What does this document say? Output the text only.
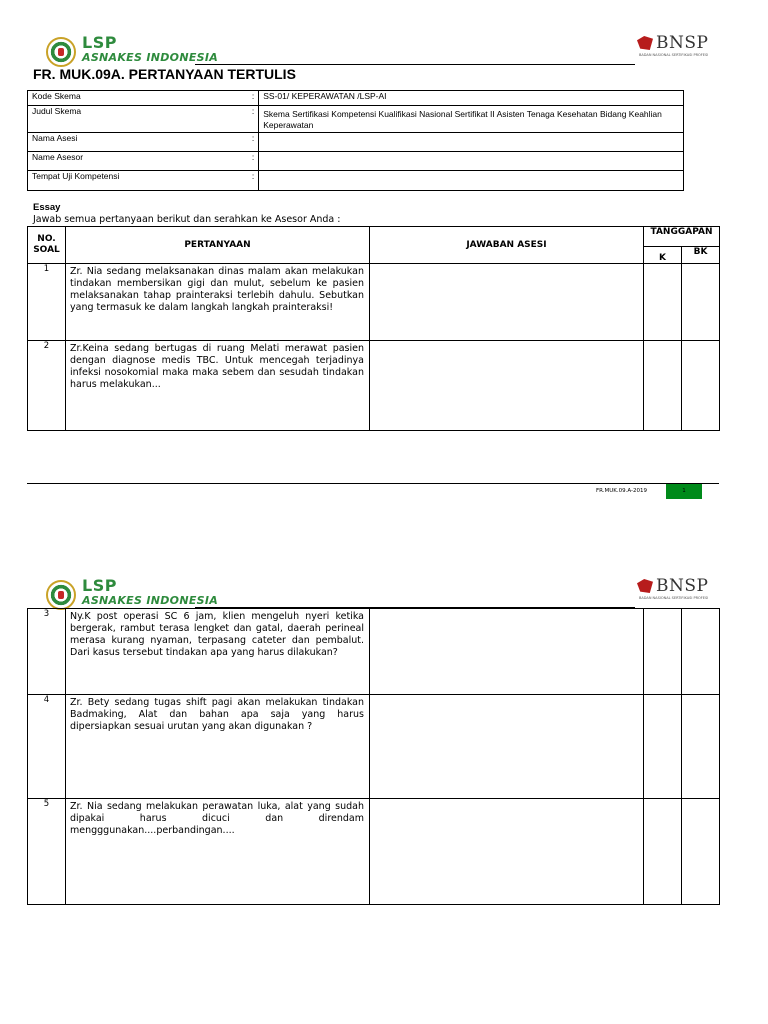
LSP
ASNAKES INDONESIA
BNSP
BADAN NASIONAL SERTIFIKASI PROFESI
FR. MUK.09A. PERTANYAAN TERTULIS
Kode Skema	:	SS-01/ KEPERAWATAN /LSP-AI
Judul Skema	:	Skema Sertifikasi Kompetensi Kualifikasi Nasional Sertifikat II Asisten Tenaga Kesehatan Bidang Keahlian Keperawatan
Nama Asesi	:	
Name Asesor	:	
Tempat Uji Kompetensi	:	
Essay
Jawab semua pertanyaan berikut dan serahkan ke Asesor Anda :
NO. SOAL	PERTANYAAN	JAWABAN ASESI	TANGGAPAN	
			K	BK
1	Zr. Nia sedang melaksanakan dinas malam akan melakukan tindakan membersikan gigi dan mulut, sebelum ke pasien melaksanakan tahap prainteraksi terlebih dahulu. Sebutkan yang termasuk ke dalam langkah langkah prainteraksi!			
2	Zr.Keina sedang bertugas di ruang Melati merawat pasien dengan diagnose medis TBC. Untuk mencegah terjadinya infeksi nosokomial maka maka sebem dan sesudah tindakan harus melakukan...			
FR.MUK.09.A-2019	1
LSP
ASNAKES INDONESIA
BNSP
BADAN NASIONAL SERTIFIKASI PROFESI
3	Ny.K post operasi SC 6 jam, klien mengeluh nyeri ketika bergerak, rambut terasa lengket dan gatal, daerah perineal merasa kurang nyaman, terpasang cateter dan pembalut. Dari kasus tersebut tindakan apa yang harus dilakukan?			
4	Zr. Bety sedang tugas shift pagi akan melakukan tindakan Badmaking, Alat dan bahan apa saja yang harus dipersiapkan sesuai urutan yang akan digunakan ?			
5	Zr. Nia sedang melakukan perawatan luka, alat yang sudah dipakai harus dicuci dan direndam mengggunakan....perbandingan....			
